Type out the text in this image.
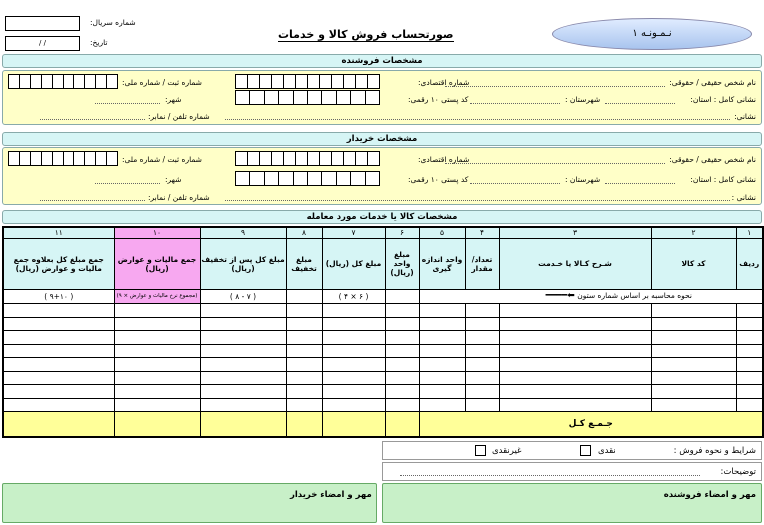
شماره سریال:
/ /	تاریخ:
صورتحساب فروش کالا و خدمات	نـمـونـه ۱
مشخصات فروشنده
نام شخص حقیقی / حقوقی:
شماره اقتصادی:
شماره ثبت / شماره ملی:
نشانی کامل : استان:
شهرستان :
کد پستی ۱۰ رقمی:
شهر:
نشانی:
شماره تلفن / نمابر:
مشخصات خریدار
نام شخص حقیقی / حقوقی:
شماره اقتصادی:
شماره ثبت / شماره ملی:
نشانی کامل : استان:
شهرستان :
کد پستی ۱۰ رقمی:
شهر:
نشانی :
شماره تلفن / نمابر:
مشخصات کالا یا خدمات مورد معامله
۱	۲	۳	۴	۵	۶	۷	۸	۹	۱۰	۱۱
ردیف	کد کالا	شـرح کـالا یا خـدمت	تعداد/ مقدار	واحد اندازه گیری	مبلغ واحد (ریال)	مبلغ کل (ریال)	مبلغ تخفیف	مبلغ کل پس از تخفیف (ریال)	جمع مالیات و عوارض (ریال)	جمع مبلغ کل بعلاوه جمع مالیات و عوارض (ریال)
نحوه محاسبه بر اساس شماره ستون ⬅━━━━						( ۶ × ۴ )		( ۷ - ۸ )	(مجموع نرخ مالیات و عوارض × ۹)	( ۹+۱۰ )

جـمـع کـل										
شرایط و نحوه فروش :
نقدی
غیرنقدی
توضیحات:
مهر و امضاء فروشنده
مهر و امضاء خریدار
